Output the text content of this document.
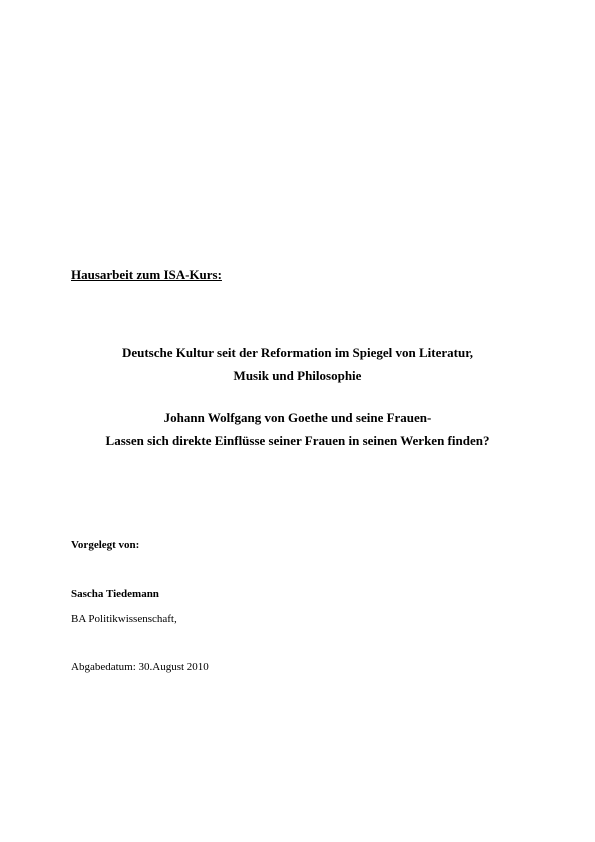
Hausarbeit zum ISA-Kurs:
Deutsche Kultur seit der Reformation im Spiegel von Literatur,
Musik und Philosophie
Johann Wolfgang von Goethe und seine Frauen-
Lassen sich direkte Einflüsse seiner Frauen in seinen Werken finden?
Vorgelegt von:
Sascha Tiedemann
BA Politikwissenschaft,
Abgabedatum: 30.August 2010
